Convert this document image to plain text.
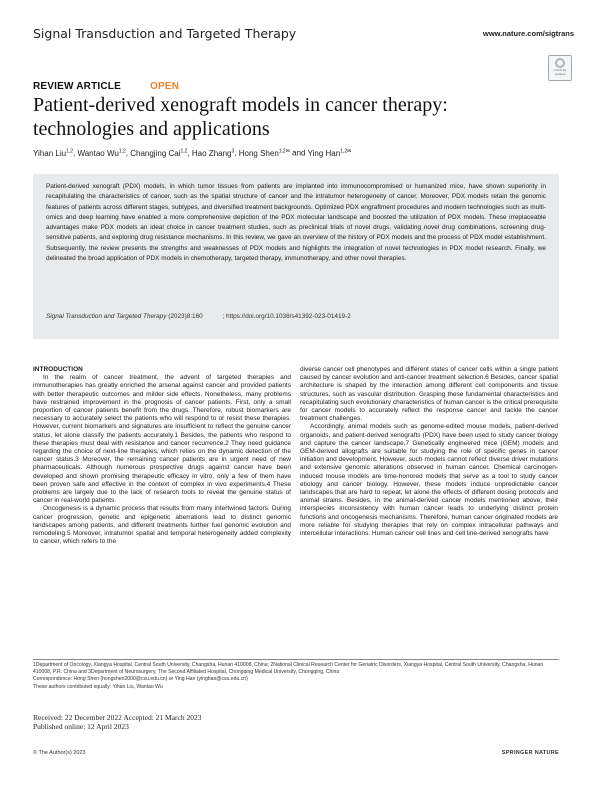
Signal Transduction and Targeted Therapy	www.nature.com/sigtrans
Check for updates
REVIEW ARTICLE	OPEN
Patient-derived xenograft models in cancer therapy: technologies and applications
Yihan Liu$^{1,2}$, Wantao Wu$^{1,2}$, Changjing Cai$^{1,2}$, Hao Zhang$^3$, Hong Shen$^{1,2✉}$ and Ying Han$^{1,2✉}$

Patient-derived xenograft (PDX) models, in which tumor tissues from patients are implanted into immunocompromised or humanized mice, have shown superiority in recapitulating the characteristics of cancer, such as the spatial structure of cancer and the intratumor heterogeneity of cancer. Moreover, PDX models retain the genomic features of patients across different stages, subtypes, and diversified treatment backgrounds. Optimized PDX engraftment procedures and modern technologies such as multi-omics and deep learning have enabled a more comprehensive depiction of the PDX molecular landscape and boosted the utilization of PDX models. These irreplaceable advantages make PDX models an ideal choice in cancer treatment studies, such as preclinical trials of novel drugs, validating novel drug combinations, screening drug-sensitive patients, and exploring drug resistance mechanisms. In this review, we gave an overview of the history of PDX models and the process of PDX model establishment. Subsequently, the review presents the strengths and weaknesses of PDX models and highlights the integration of novel technologies in PDX model research. Finally, we delineated the broad application of PDX models in chemotherapy, targeted therapy, immunotherapy, and other novel therapies.

Signal Transduction and Targeted Therapy (2023)8:160	; https://doi.org/10.1038/s41392-023-01419-2

INTRODUCTION

In the realm of cancer treatment, the advent of targeted therapies and immunotherapies has greatly enriched the arsenal against cancer and provided patients with better therapeutic outcomes and milder side effects. Nonetheless, many problems have restrained improvement in the prognosis of cancer patients. First, only a small proportion of cancer patients benefit from the drugs. Therefore, robust biomarkers are necessary to accurately select the patients who will respond to or resist these therapies. However, current biomarkers and signatures are insufficient to reflect the genuine cancer status, let alone classify the patients accurately.1 Besides, the patients who respond to these therapies must deal with resistance and cancer recurrence.2 They need guidance regarding the choice of next-line therapies, which relies on the dynamic detection of the cancer status.3 Moreover, the remaining cancer patients are in urgent need of new pharmaceuticals. Although numerous prospective drugs against cancer have been developed and shown promising therapeutic efficacy in vitro, only a few of them have been proven safe and effective in the context of complex in vivo experiments.4 These problems are largely due to the lack of research tools to reveal the genuine status of cancer in real-world patients.

Oncogenesis is a dynamic process that results from many intertwined factors. During cancer progression, genetic and epigenetic aberrations lead to distinct genomic landscapes among patients, and different treatments further fuel genomic evolution and remodeling.5 Moreover, intratumor spatial and temporal heterogeneity added complexity to cancer, which refers to the

diverse cancer cell phenotypes and different states of cancer cells within a single patient caused by cancer evolution and anti-cancer treatment selection.6 Besides, cancer spatial architecture is shaped by the interaction among different cell components and tissue structures, such as vascular distribution. Grasping these fundamental characteristics and recapitulating such evolutionary characteristics of human cancer is the critical prerequisite for cancer models to accurately reflect the response cancer and tackle the cancer treatment challenges.

Accordingly, animal models such as genome-edited mouse models, patient-derived organoids, and patient-derived xenografts (PDX) have been used to study cancer biology and capture the cancer landscape.7 Genetically engineered mice (GEM) models and GEM-derived allografts are suitable for studying the role of specific genes in cancer initiation and development. However, such models cannot reflect diverse driver mutations and extensive genomic alterations observed in human cancer. Chemical carcinogen-induced mouse models are time-honored models that serve as a tool to study cancer etiology and cancer biology. However, these models induce unpredictable cancer landscapes that are hard to repeat, let alone the effects of different dosing protocols and animal strains. Besides, in the animal-derived cancer models mentioned above, their interspecies inconsistency with human cancer leads to underlying distinct protein functions and oncogenesis mechanisms. Therefore, human cancer originated models are more reliable for studying therapies that rely on complex intracellular pathways and intercellular interactions. Human cancer cell lines and cell line-derived xenografts have

1Department of Oncology, Xiangya Hospital, Central South University, Changsha, Hunan 410008, China; 2National Clinical Research Center for Geriatric Disorders, Xiangya Hospital, Central South University, Changsha, Hunan 410008, P.R. China and 3Department of Neurosurgery, The Second Affiliated Hospital, Chongqing Medical University, Chongqing, China

Correspondence: Hong Shen (hongshen2000@csu.edu.cn) or Ying Han (yinghan@csu.edu.cn)

These authors contributed equally: Yihan Liu, Wantao Wu

Received: 22 December 2022 Accepted: 21 March 2023

Published online: 12 April 2023

© The Author(s) 2023	SPRINGER NATURE
